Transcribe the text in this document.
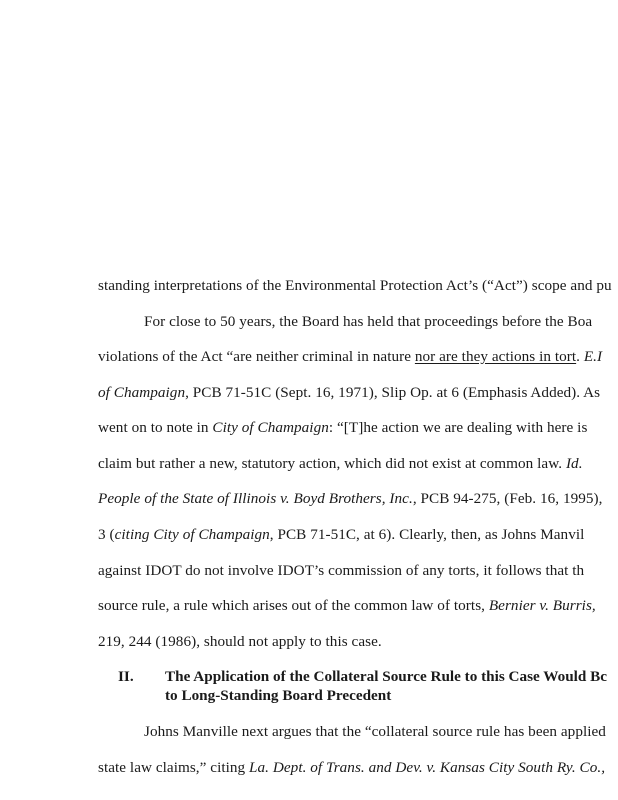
standing interpretations of the Environmental Protection Act’s (“Act”) scope and pu
For close to 50 years, the Board has held that proceedings before the Boa
violations of the Act “are neither criminal in nature nor are they actions in tort. E.I
of Champaign, PCB 71-51C (Sept. 16, 1971), Slip Op. at 6 (Emphasis Added). As
went on to note in City of Champaign: “[T]he action we are dealing with here is
claim but rather a new, statutory action, which did not exist at common law. Id.
People of the State of Illinois v. Boyd Brothers, Inc., PCB 94-275, (Feb. 16, 1995),
3 (citing City of Champaign, PCB 71-51C, at 6). Clearly, then, as Johns Manvil
against IDOT do not involve IDOT’s commission of any torts, it follows that th
source rule, a rule which arises out of the common law of torts, Bernier v. Burris,
219, 244 (1986), should not apply to this case.
II. The Application of the Collateral Source Rule to this Case Would Bc
to Long-Standing Board Precedent
Johns Manville next argues that the “collateral source rule has been applied
state law claims,” citing La. Dept. of Trans. and Dev. v. Kansas City South Ry. Co.,
